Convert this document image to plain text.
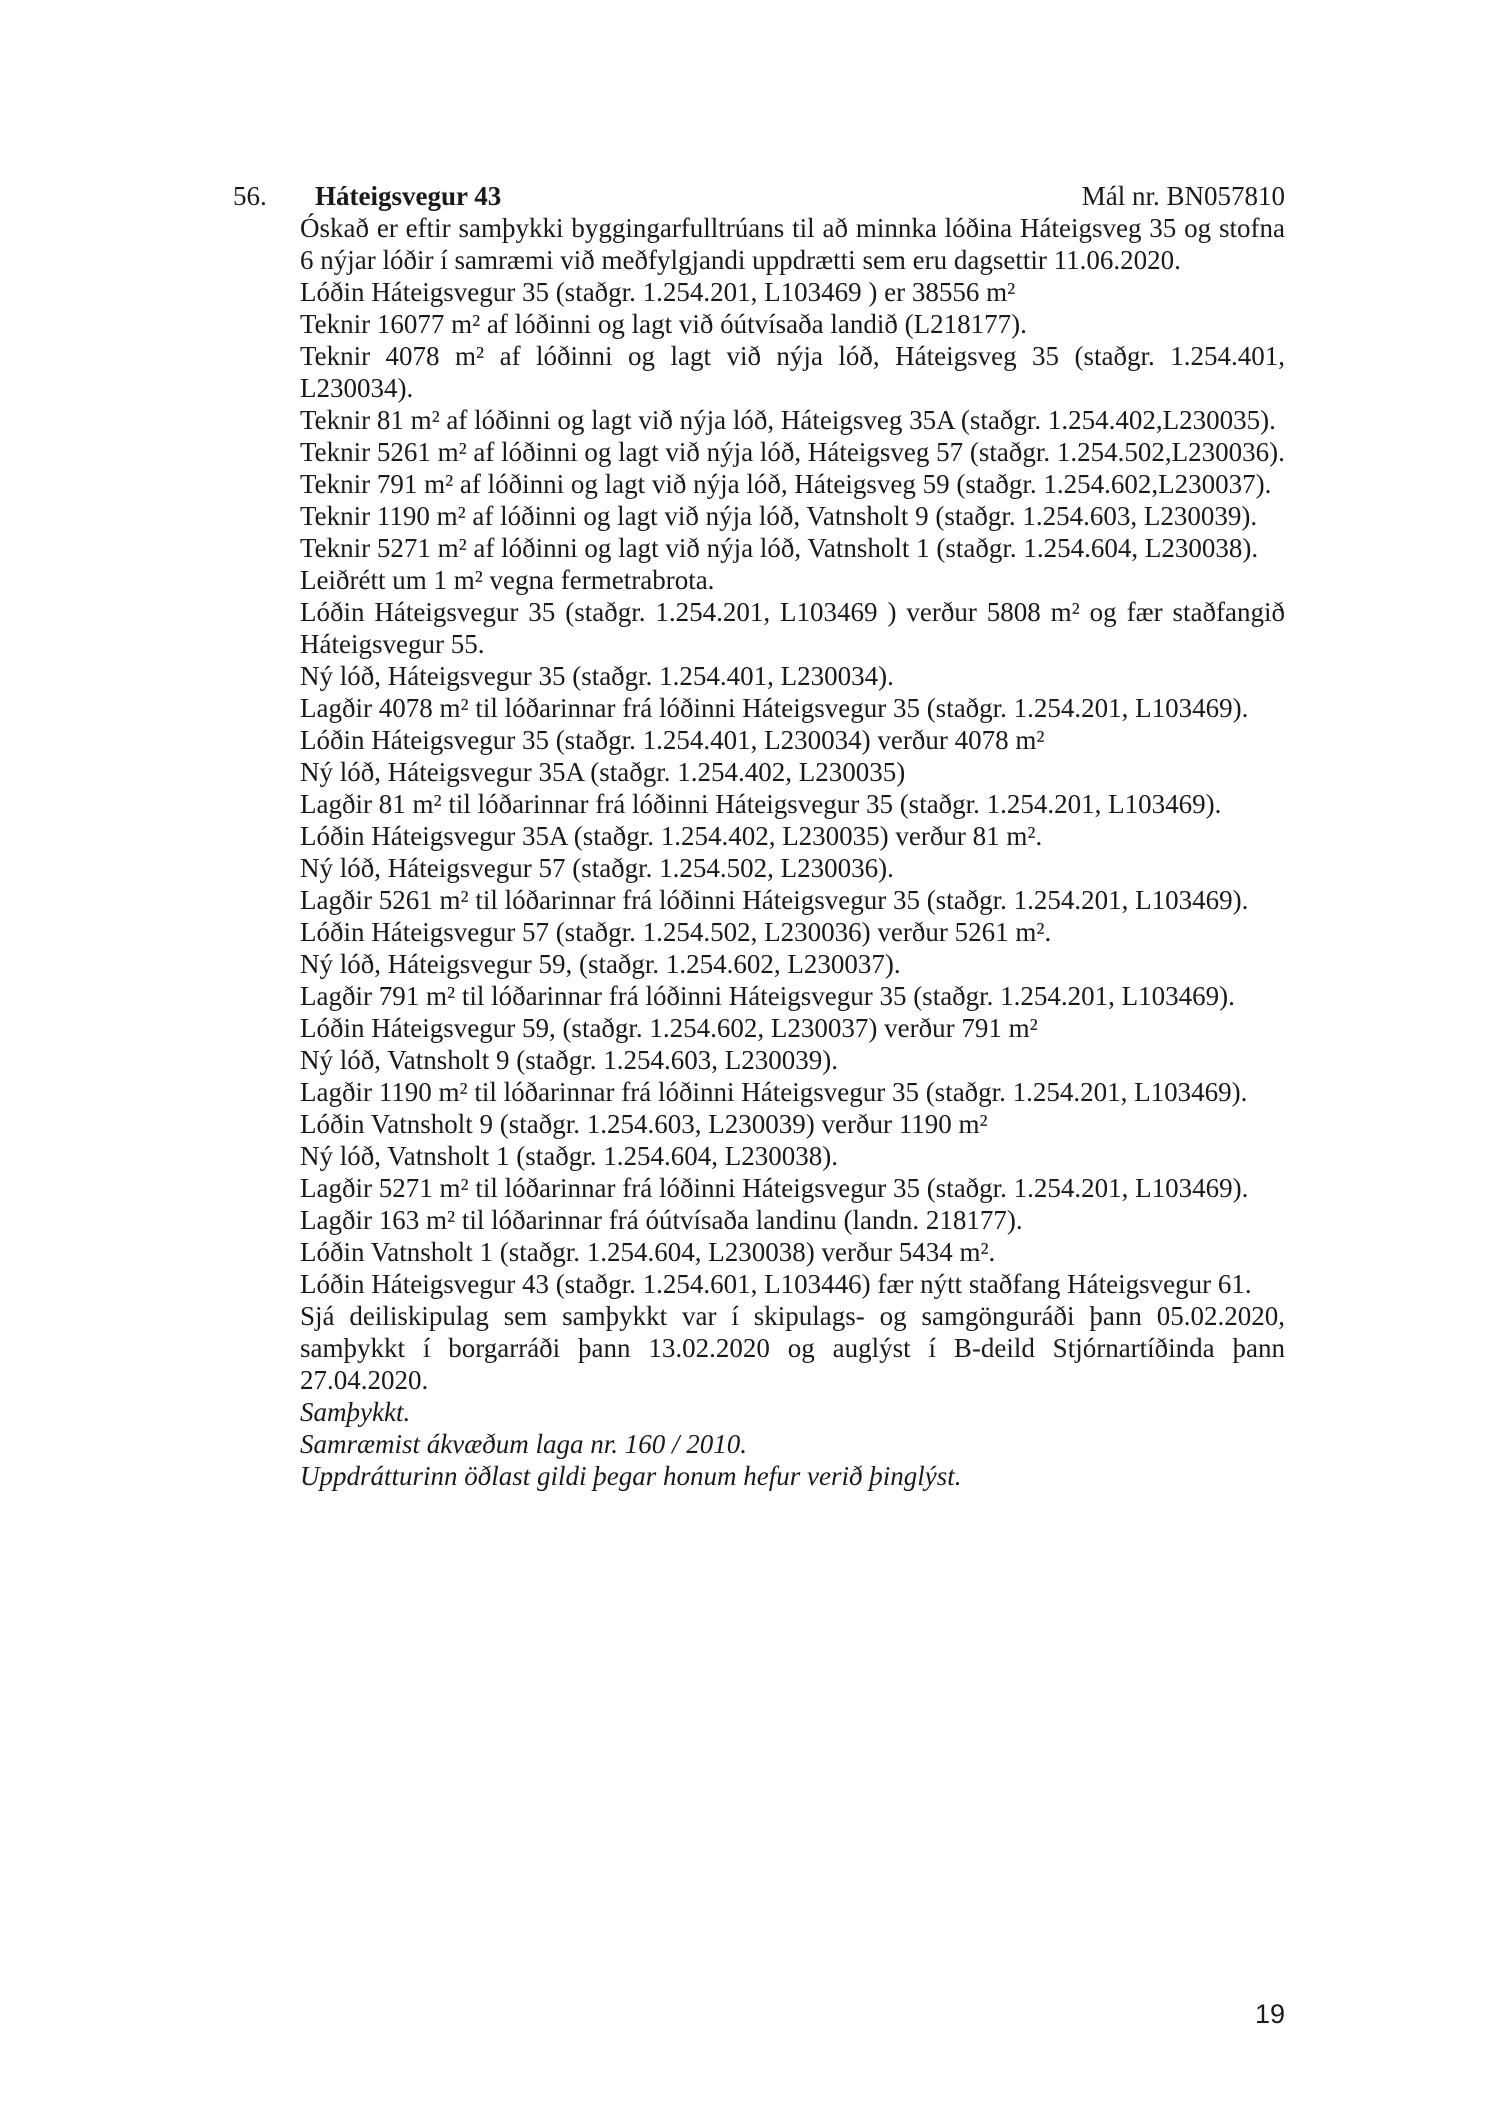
56. Háteigsvegur 43	Mál nr. BN057810

Óskað er eftir samþykki byggingarfulltrúans til að minnka lóðina Háteigsveg 35 og stofna 6 nýjar lóðir í samræmi við meðfylgjandi uppdrætti sem eru dagsettir 11.06.2020.

Lóðin Háteigsvegur 35 (staðgr. 1.254.201, L103469 ) er 38556 m²

Teknir 16077 m² af lóðinni og lagt við óútvísaða landið (L218177).

Teknir 4078 m² af lóðinni og lagt við nýja lóð, Háteigsveg 35 (staðgr. 1.254.401, L230034).

Teknir 81 m² af lóðinni og lagt við nýja lóð, Háteigsveg 35A (staðgr. 1.254.402,L230035).

Teknir 5261 m² af lóðinni og lagt við nýja lóð, Háteigsveg 57 (staðgr. 1.254.502,L230036).

Teknir 791 m² af lóðinni og lagt við nýja lóð, Háteigsveg 59 (staðgr. 1.254.602,L230037).

Teknir 1190 m² af lóðinni og lagt við nýja lóð, Vatnsholt 9 (staðgr. 1.254.603, L230039).

Teknir 5271 m² af lóðinni og lagt við nýja lóð, Vatnsholt 1 (staðgr. 1.254.604, L230038).

Leiðrétt um 1 m² vegna fermetrabrota.

Lóðin Háteigsvegur 35 (staðgr. 1.254.201, L103469 ) verður 5808 m² og fær staðfangið Háteigsvegur 55.

Ný lóð, Háteigsvegur 35 (staðgr. 1.254.401, L230034).

Lagðir 4078 m² til lóðarinnar frá lóðinni Háteigsvegur 35 (staðgr. 1.254.201, L103469).

Lóðin Háteigsvegur 35 (staðgr. 1.254.401, L230034) verður 4078 m²

Ný lóð, Háteigsvegur 35A (staðgr. 1.254.402, L230035)

Lagðir 81 m² til lóðarinnar frá lóðinni Háteigsvegur 35 (staðgr. 1.254.201, L103469).

Lóðin Háteigsvegur 35A (staðgr. 1.254.402, L230035) verður 81 m².

Ný lóð, Háteigsvegur 57 (staðgr. 1.254.502, L230036).

Lagðir 5261 m² til lóðarinnar frá lóðinni Háteigsvegur 35 (staðgr. 1.254.201, L103469).

Lóðin Háteigsvegur 57 (staðgr. 1.254.502, L230036) verður 5261 m².

Ný lóð, Háteigsvegur 59, (staðgr. 1.254.602, L230037).

Lagðir 791 m² til lóðarinnar frá lóðinni Háteigsvegur 35 (staðgr. 1.254.201, L103469).

Lóðin Háteigsvegur 59, (staðgr. 1.254.602, L230037) verður 791 m²

Ný lóð, Vatnsholt 9 (staðgr. 1.254.603, L230039).

Lagðir 1190 m² til lóðarinnar frá lóðinni Háteigsvegur 35 (staðgr. 1.254.201, L103469).

Lóðin Vatnsholt 9 (staðgr. 1.254.603, L230039) verður 1190 m²

Ný lóð, Vatnsholt 1 (staðgr. 1.254.604, L230038).

Lagðir 5271 m² til lóðarinnar frá lóðinni Háteigsvegur 35 (staðgr. 1.254.201, L103469).

Lagðir 163 m² til lóðarinnar frá óútvísaða landinu (landn. 218177).

Lóðin Vatnsholt 1 (staðgr. 1.254.604, L230038) verður 5434 m².

Lóðin Háteigsvegur 43 (staðgr. 1.254.601, L103446) fær nýtt staðfang Háteigsvegur 61.

Sjá deiliskipulag sem samþykkt var í skipulags- og samgönguráði þann 05.02.2020, samþykkt í borgarráði þann 13.02.2020 og auglýst í B-deild Stjórnartíðinda þann 27.04.2020.

Samþykkt.

Samræmist ákvæðum laga nr. 160 / 2010.

Uppdrátturinn öðlast gildi þegar honum hefur verið þinglýst.

19
